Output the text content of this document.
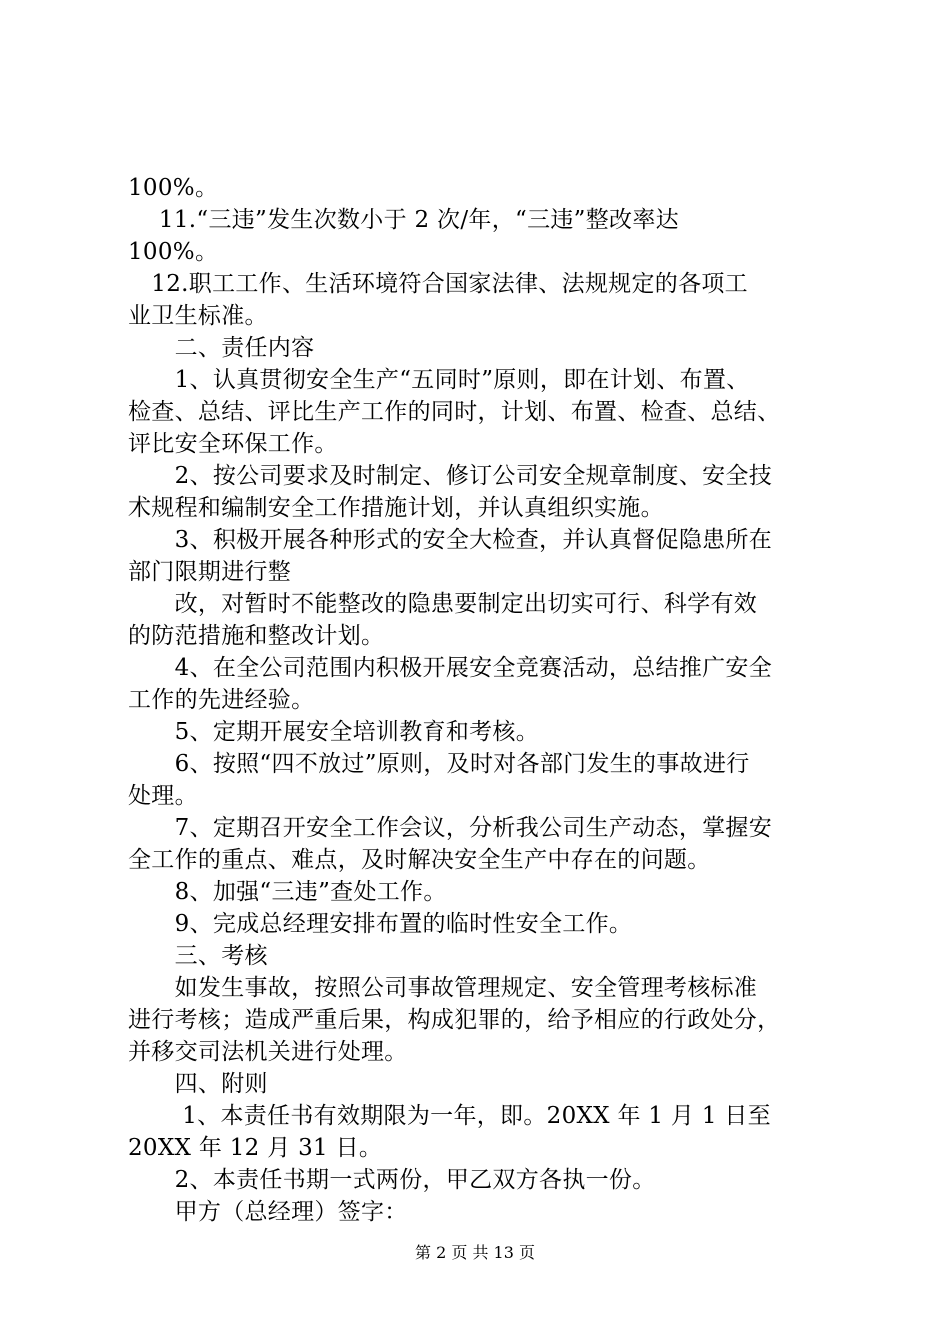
100%。
　 11.“三违”发生次数小于 2 次/年，“三违”整改率达
100%。
　12.职工工作、生活环境符合国家法律、法规规定的各项工
业卫生标准。
　　二、责任内容
　　1、认真贯彻安全生产“五同时”原则，即在计划、布置、
检查、总结、评比生产工作的同时，计划、布置、检查、总结、
评比安全环保工作。
　　2、按公司要求及时制定、修订公司安全规章制度、安全技
术规程和编制安全工作措施计划，并认真组织实施。
　　3、积极开展各种形式的安全大检查，并认真督促隐患所在
部门限期进行整
　　改，对暂时不能整改的隐患要制定出切实可行、科学有效
的防范措施和整改计划。
　　4、在全公司范围内积极开展安全竞赛活动，总结推广安全
工作的先进经验。
　　5、定期开展安全培训教育和考核。
　　6、按照“四不放过”原则，及时对各部门发生的事故进行
处理。
　　7、定期召开安全工作会议，分析我公司生产动态，掌握安
全工作的重点、难点，及时解决安全生产中存在的问题。
　　8、加强“三违”查处工作。
　　9、完成总经理安排布置的临时性安全工作。
　　三、考核
　　如发生事故，按照公司事故管理规定、安全管理考核标准
进行考核；造成严重后果，构成犯罪的，给予相应的行政处分，
并移交司法机关进行处理。
　　四、附则
　　 1、本责任书有效期限为一年，即。20XX 年 1 月 1 日至
20XX 年 12 月 31 日。
　　2、本责任书期一式两份，甲乙双方各执一份。
　　甲方（总经理）签字：
第 2 页 共 13 页
